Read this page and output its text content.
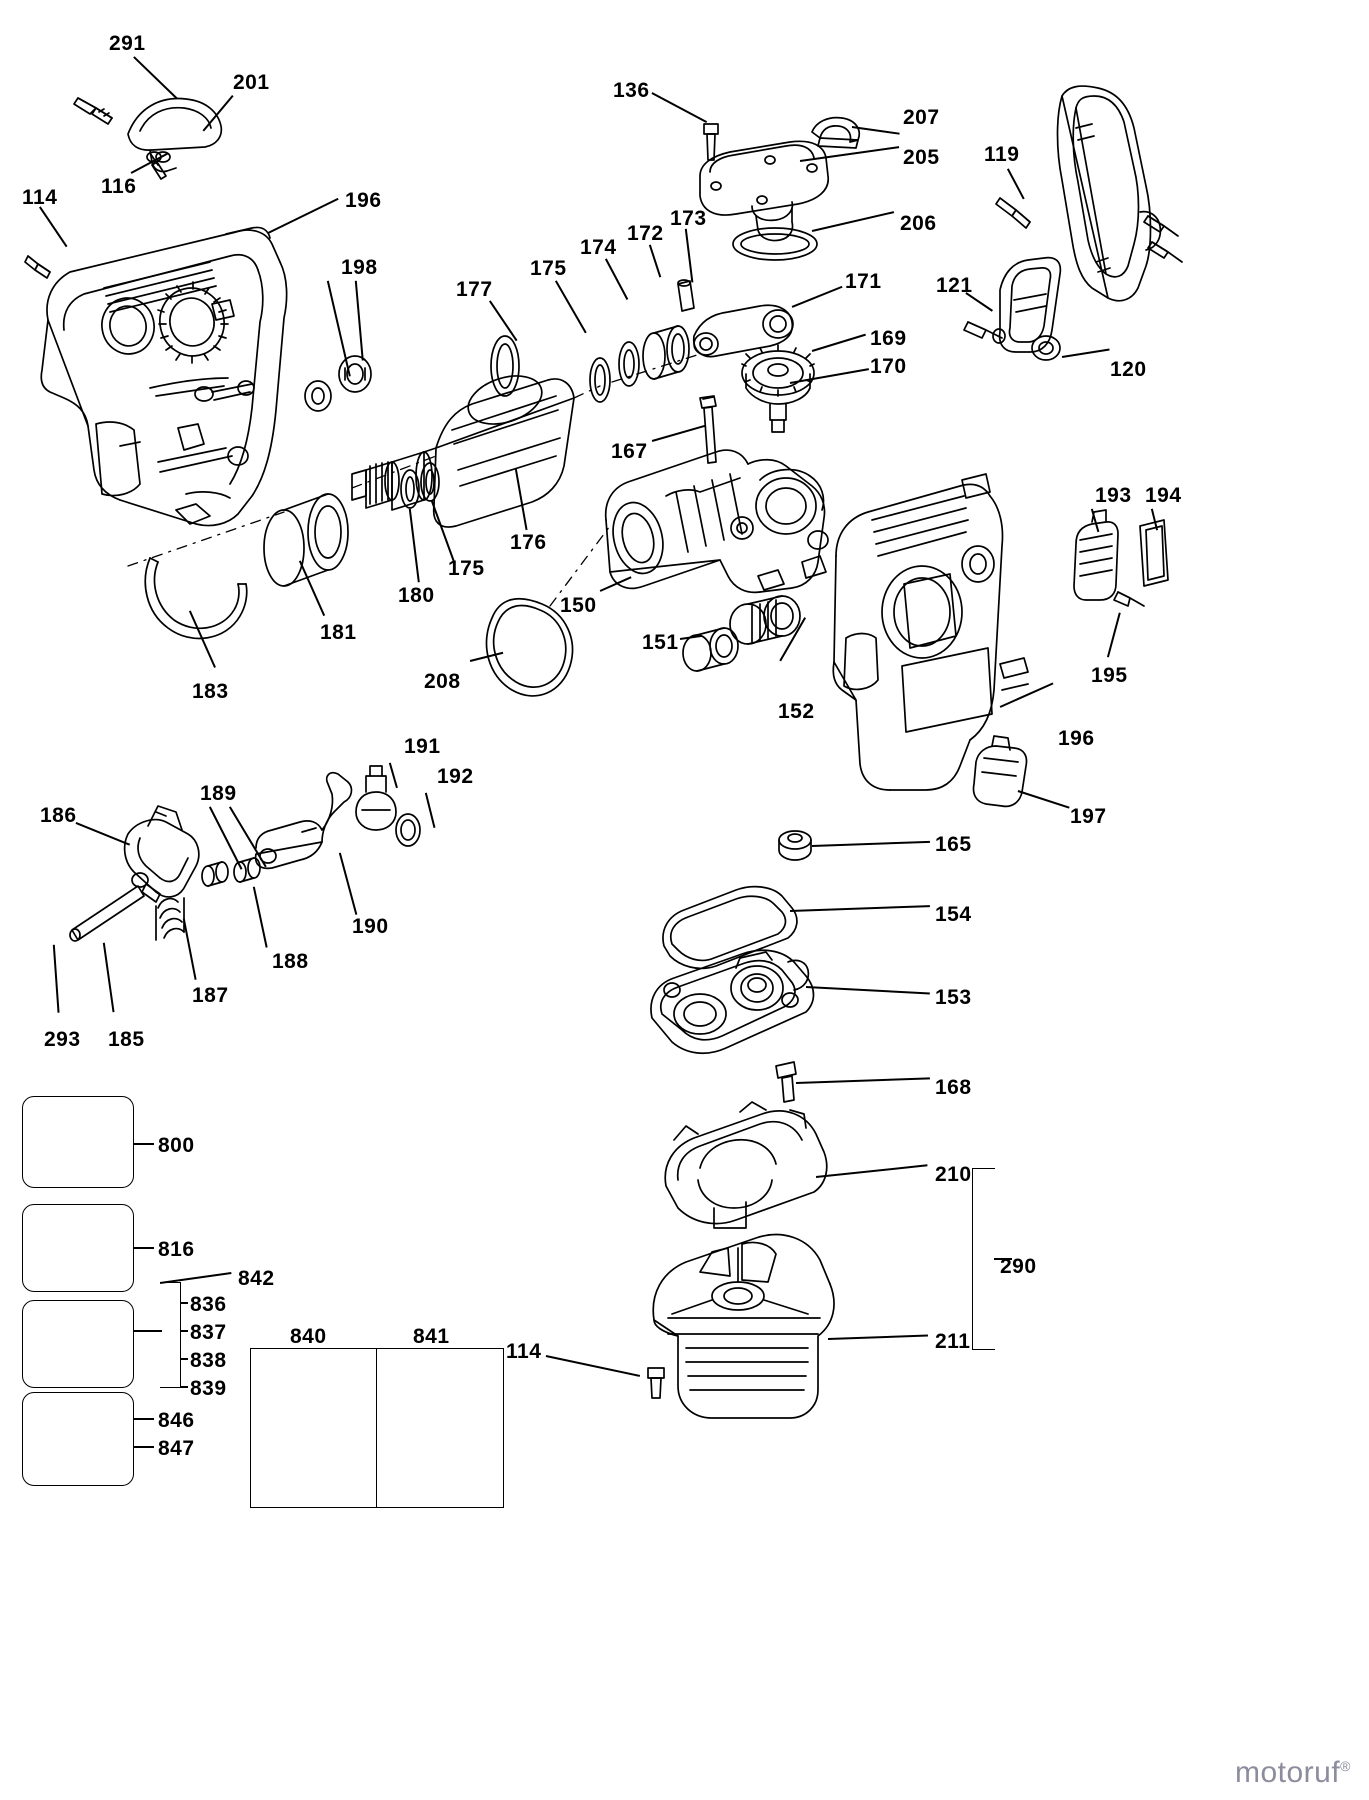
291
201
116
114	196
198
177
175
174
172
173
136
207
205
206
171
169
170
167
119
121
120
176
175
180
181
183	208
150
151
152
193 194
195
196
197
165
154
153
168
210
211
290
114
191
192
189
186
190
188
187
185
293
800
816
842
836
837
838
839
846
847
840	841
motoruf®
